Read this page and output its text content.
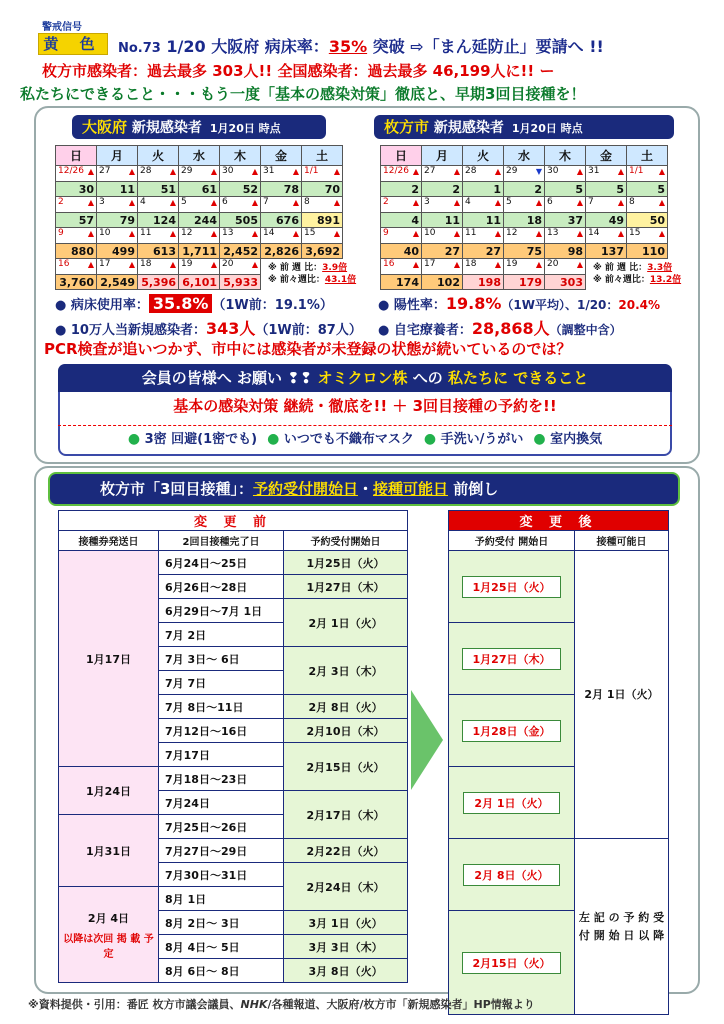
警戒信号
黄 色	No.73 1/20 大阪府 病床率：35% 突破 ⇨「まん延防止」要請へ !!
枚方市感染者：過去最多 303人!! 全国感染者：過去最多 46,199人に!! ー
私たちにできること・・・もう一度「基本の感染対策」徹底と、早期3回目接種を！
大阪府 新規感染者 1月20日 時点	枚方市 新規感染者 1月20日 時点
日	月	火	水	木	金	土
12/26 ▲	27 ▲	28 ▲	29 ▲	30 ▲	31 ▲	1/1 ▲

30	11	51	61	52	78	70
2 ▲	3 ▲	4 ▲	5 ▲	6 ▲	7 ▲	8 ▲

57	79	124	244	505	676	891
9 ▲	10 ▲	11 ▲	12 ▲	13 ▲	14 ▲	15 ▲

880	499	613	1,711	2,452	2,826	3,692
16 ▲	17 ▲	18 ▲	19 ▲	20 ▲		

3,760	2,549	5,396	6,101	5,933		
日	月	火	水	木	金	土
12/26 ▲	27 ▲	28 ▲	29 ▼	30 ▲	31 ▲	1/1 ▲

2	2	1	2	5	5	5
2 ▲	3 ▲	4 ▲	5 ▲	6 ▲	7 ▲	8 ▲

4	11	11	18	37	49	50
9 ▲	10 ▲	11 ▲	12 ▲	13 ▲	14 ▲	15 ▲

40	27	27	75	98	137	110
16 ▲	17 ▲	18 ▲	19 ▲	20 ▲		

174	102	198	179	303		
※ 前 週 比：3.9倍
※ 前々週比：43.1倍
※ 前 週 比：3.3倍
※ 前々週比：13.2倍
● 病床使用率： 35.8% （1W前：19.1%）
● 10万人当新規感染者：343人（1W前：87人）
● 陽性率：19.8%（1W平均）、1/20：20.4%
● 自宅療養者：28,868人（調整中含）
PCR検査が追いつかず、市中には感染者が未登録の状態が続いているのでは？
会員の皆様へ お願い ❢❢ オミクロン株 への 私たちに できること
基本の感染対策 継続・徹底を!! ＋ 3回目接種の予約を!!
● 3密 回避(1密でも) ● いつでも不織布マスク ● 手洗い/うがい ● 室内換気
枚方市「3回目接種」：予約受付開始日・接種可能日 前倒し
変 更 前		
接種券発送日	2回目接種完了日	予約受付開始日
1月17日	6月24日～25日	1月25日（火）
	6月26日～28日	1月27日（木）
	6月29日～7月 1日	2月 1日（火）
	7月 2日	
	7月 3日～ 6日	2月 3日（木）
	7月 7日	
	7月 8日～11日	2月 8日（火）
	7月12日～16日	2月10日（木）
	7月17日	2月15日（火）
1月24日	7月18日～23日	
	7月24日	2月17日（木）
1月31日	7月25日～26日	
	7月27日～29日	2月22日（火）
	7月30日～31日	2月24日（木）

2月 4日
以降は次回 掲 載 予 定	8月 1日	
	8月 2日～ 3日	3月 1日（火）
	8月 4日～ 5日	3月 3日（木）
	8月 6日～ 8日	3月 8日（火）
変 更 後	
予約受付 開始日	接種可能日
1月25日（火）	2月 1日（火）
1月27日（木）	
1月28日（金）	
2月 1日（火）	
2月 8日（火）	左 記 の 予 約 受 付 開 始 日 以 降
2月15日（火）	
※資料提供・引用：番匠 枚方市議会議員、NHK/各種報道、大阪府/枚方市「新規感染者」HP情報より
